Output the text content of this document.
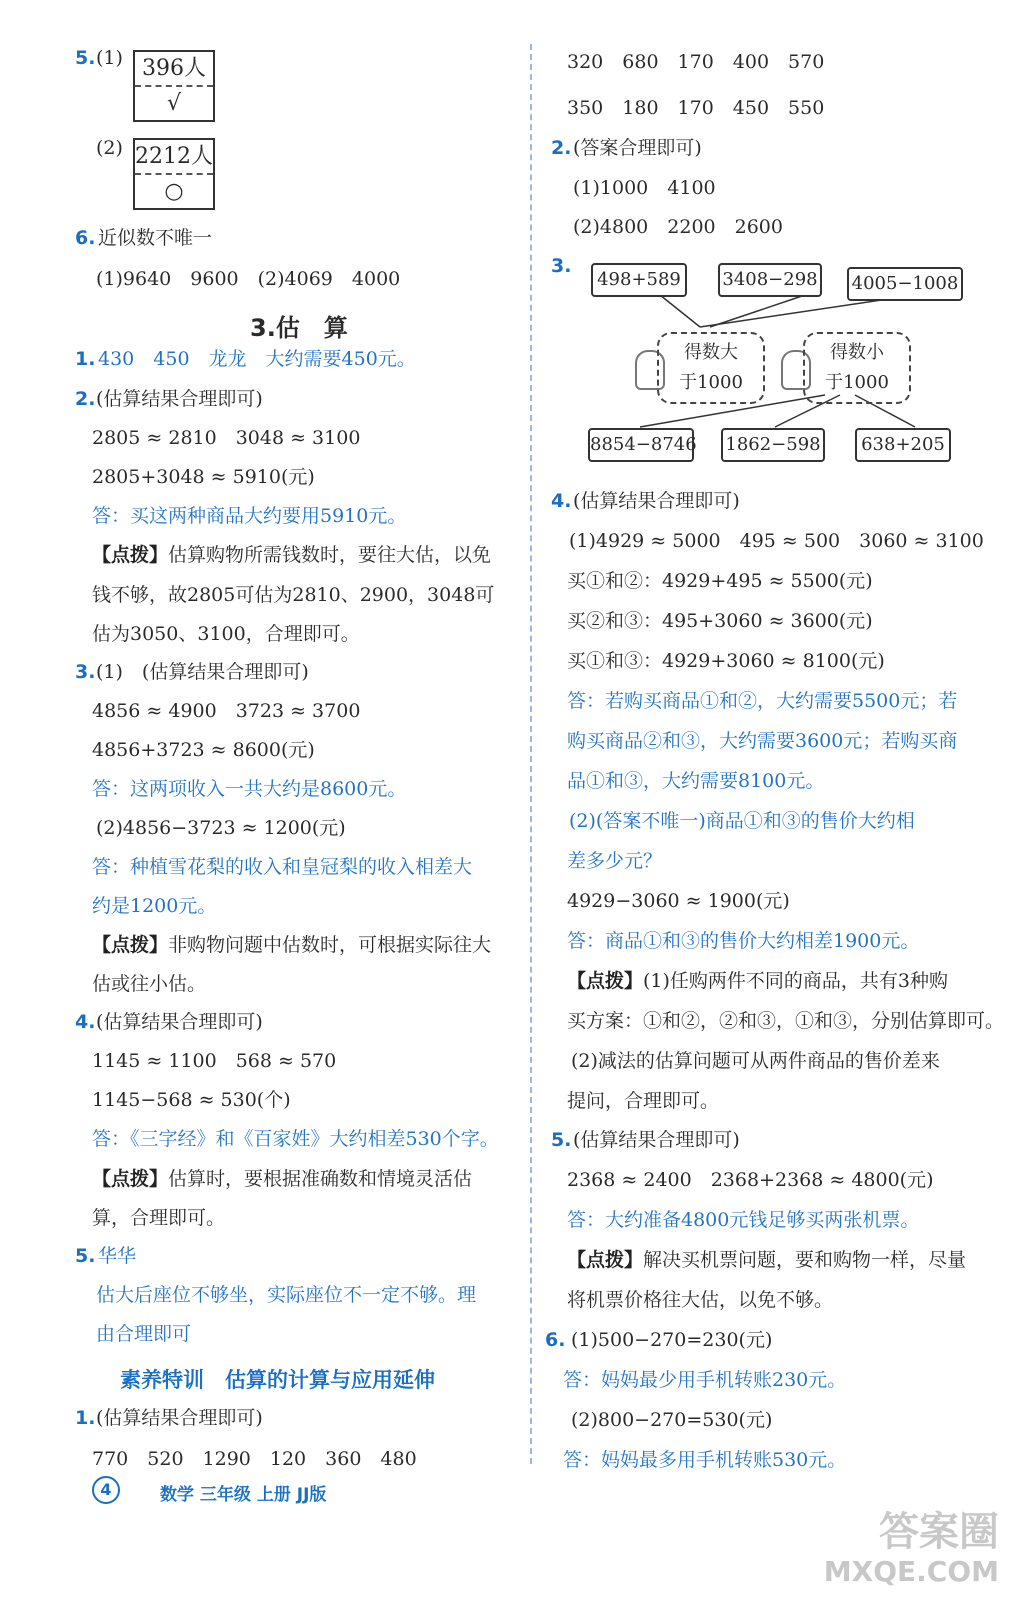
5. (1) 396人
√
(2) 2212人
○
6. 近似数不唯一
(1)9640　9600　(2)4069　4000
3.估　算
1. 430　450　龙龙　大约需要450元。
2. (估算结果合理即可)
2805 ≈ 2810　3048 ≈ 3100
2805+3048 ≈ 5910(元)
答：买这两种商品大约要用5910元。
【点拨】 估算购物所需钱数时，要往大估，以免
钱不够，故2805可估为2810、2900，3048可
估为3050、3100，合理即可。
3. (1)　(估算结果合理即可)
4856 ≈ 4900　3723 ≈ 3700
4856+3723 ≈ 8600(元)
答：这两项收入一共大约是8600元。
(2)4856−3723 ≈ 1200(元)
答：种植雪花梨的收入和皇冠梨的收入相差大
约是1200元。
【点拨】 非购物问题中估数时，可根据实际往大
估或往小估。
4. (估算结果合理即可)
1145 ≈ 1100　568 ≈ 570
1145−568 ≈ 530(个)
答：《三字经》和《百家姓》大约相差530个字。
【点拨】 估算时，要根据准确数和情境灵活估
算，合理即可。
5. 华华
估大后座位不够坐，实际座位不一定不够。理
由合理即可
素养特训　估算的计算与应用延伸
1. (估算结果合理即可)
770　520　1290　120　360　480
320　680　170　400　570
350　180　170　450　550
2. (答案合理即可)
(1)1000　4100
(2)4800　2200　2600
3.
498+589	3408−298 4005−1008
得数大
于1000
得数小
于1000
8854−8746 1862−598	638+205
4. (估算结果合理即可)
(1)4929 ≈ 5000　495 ≈ 500　3060 ≈ 3100
买①和②：4929+495 ≈ 5500(元)
买②和③：495+3060 ≈ 3600(元)
买①和③：4929+3060 ≈ 8100(元)
答：若购买商品①和②，大约需要5500元；若
购买商品②和③，大约需要3600元；若购买商
品①和③，大约需要8100元。
(2)(答案不唯一)商品①和③的售价大约相
差多少元？
4929−3060 ≈ 1900(元)
答：商品①和③的售价大约相差1900元。
【点拨】 (1)任购两件不同的商品，共有3种购
买方案：①和②，②和③，①和③，分别估算即可。
(2)减法的估算问题可从两件商品的售价差来
提问，合理即可。
5. (估算结果合理即可)
2368 ≈ 2400　2368+2368 ≈ 4800(元)
答：大约准备4800元钱足够买两张机票。
【点拨】 解决买机票问题，要和购物一样，尽量
将机票价格往大估，以免不够。
6. (1)500−270=230(元)
答：妈妈最少用手机转账230元。
(2)800−270=530(元)
答：妈妈最多用手机转账530元。
4	数学 三年级 上册 JJ版
答案圈
MXQE.COM
